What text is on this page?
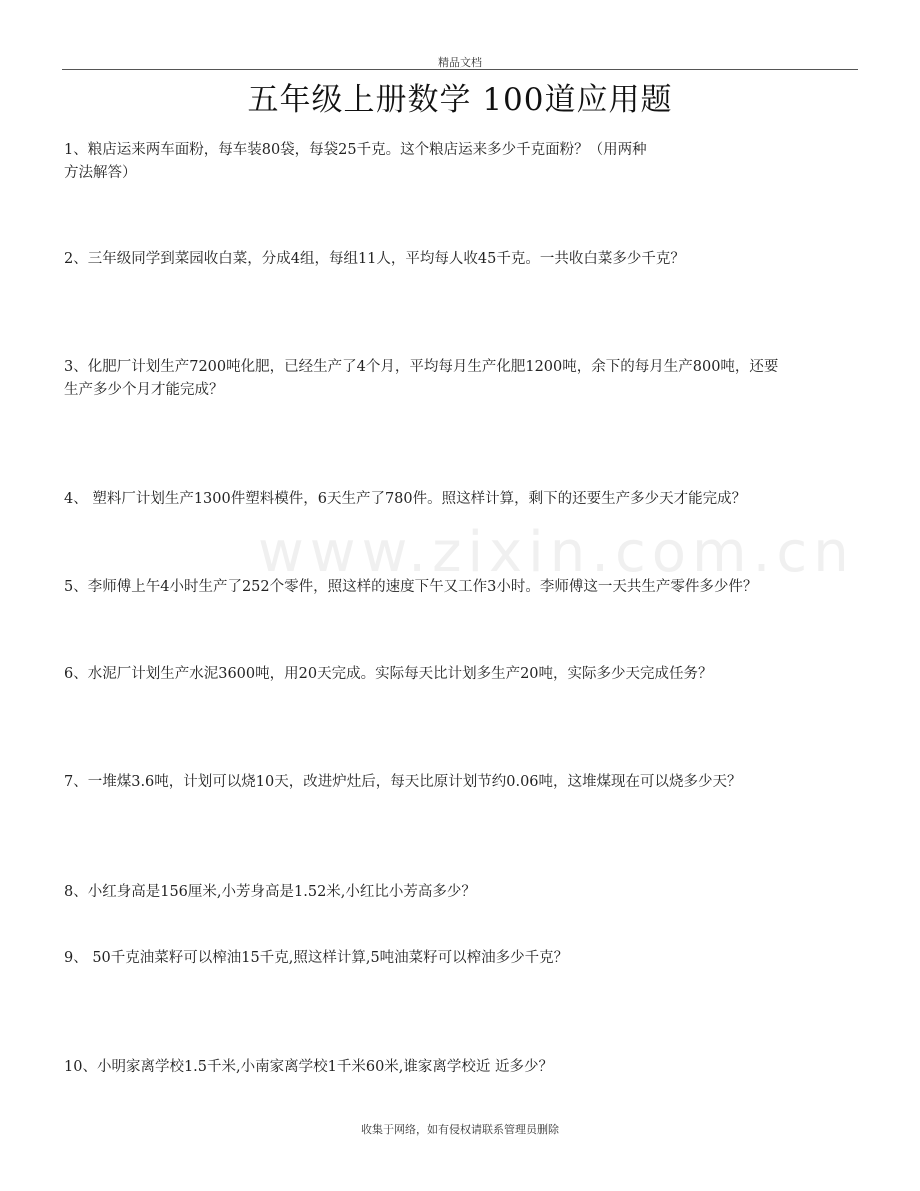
精品文档
五年级上册数学 100道应用题
www.zixin.com.cn
1、粮店运来两车面粉，每车装80袋，每袋25千克。这个粮店运来多少千克面粉？（用两种
方法解答）
2、三年级同学到菜园收白菜，分成4组，每组11人，平均每人收45千克。一共收白菜多少千克？
3、化肥厂计划生产7200吨化肥，已经生产了4个月，平均每月生产化肥1200吨，余下的每月生产800吨，还要
生产多少个月才能完成？
4、 塑料厂计划生产1300件塑料模件，6天生产了780件。照这样计算，剩下的还要生产多少天才能完成？
5、李师傅上午4小时生产了252个零件，照这样的速度下午又工作3小时。李师傅这一天共生产零件多少件？
6、水泥厂计划生产水泥3600吨，用20天完成。实际每天比计划多生产20吨，实际多少天完成任务？
7、一堆煤3.6吨，计划可以烧10天，改进炉灶后，每天比原计划节约0.06吨，这堆煤现在可以烧多少天？
8、小红身高是156厘米,小芳身高是1.52米,小红比小芳高多少？
9、 50千克油菜籽可以榨油15千克,照这样计算,5吨油菜籽可以榨油多少千克？
10、小明家离学校1.5千米,小南家离学校1千米60米,谁家离学校近 近多少？
收集于网络，如有侵权请联系管理员删除
